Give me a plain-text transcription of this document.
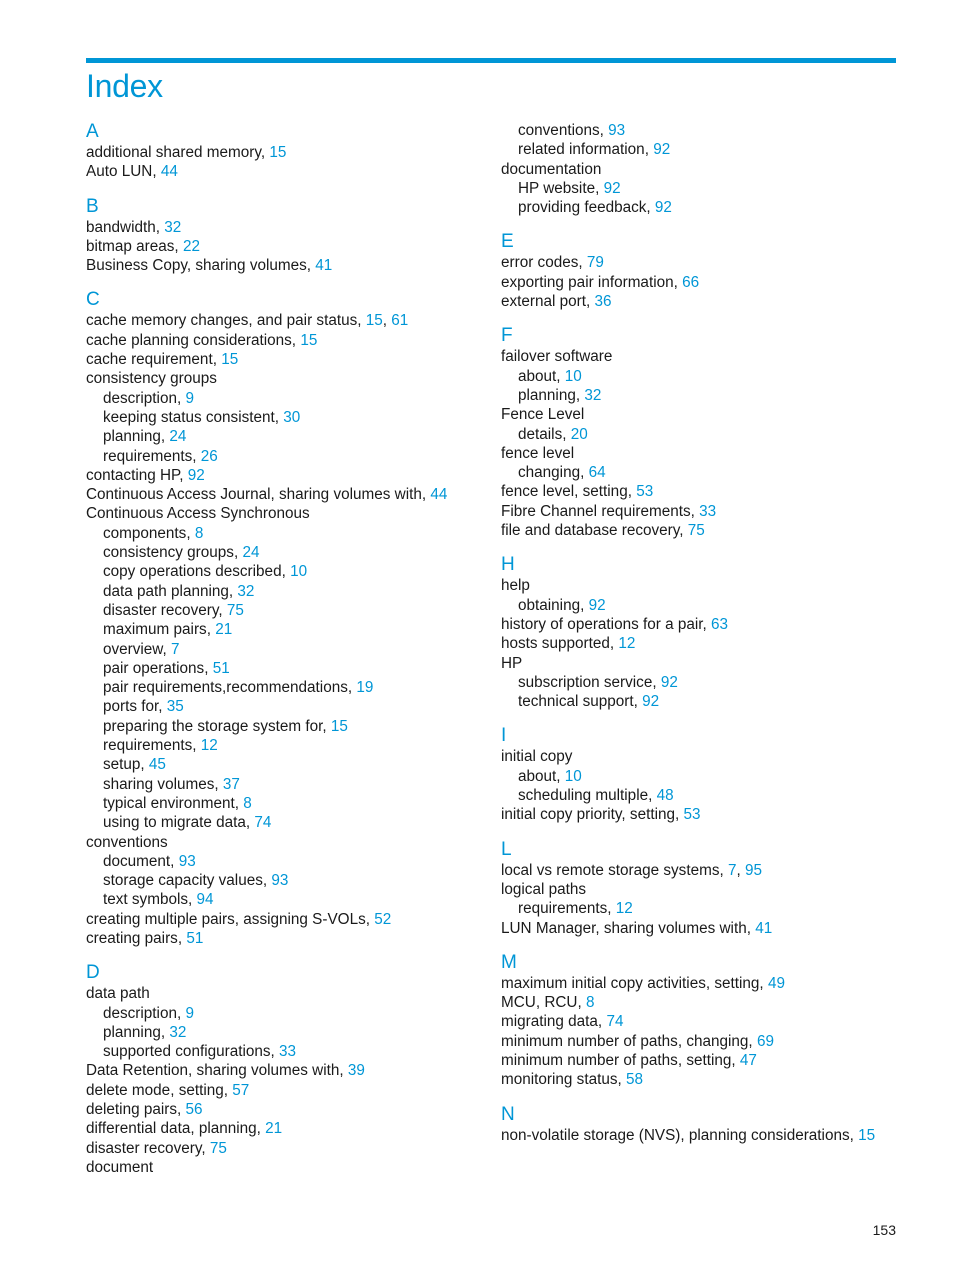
Index
A
additional shared memory, 15
Auto LUN, 44
B
bandwidth, 32
bitmap areas, 22
Business Copy, sharing volumes, 41
C
cache memory changes, and pair status, 15, 61
cache planning considerations, 15
cache requirement, 15
consistency groups
description, 9
keeping status consistent, 30
planning, 24
requirements, 26
contacting HP, 92
Continuous Access Journal, sharing volumes with, 44
Continuous Access Synchronous
components, 8
consistency groups, 24
copy operations described, 10
data path planning, 32
disaster recovery, 75
maximum pairs, 21
overview, 7
pair operations, 51
pair requirements,recommendations, 19
ports for, 35
preparing the storage system for, 15
requirements, 12
setup, 45
sharing volumes, 37
typical environment, 8
using to migrate data, 74
conventions
document, 93
storage capacity values, 93
text symbols, 94
creating multiple pairs, assigning S-VOLs, 52
creating pairs, 51
D
data path
description, 9
planning, 32
supported configurations, 33
Data Retention, sharing volumes with, 39
delete mode, setting, 57
deleting pairs, 56
differential data, planning, 21
disaster recovery, 75
document
conventions, 93
related information, 92
documentation
HP website, 92
providing feedback, 92
E
error codes, 79
exporting pair information, 66
external port, 36
F
failover software
about, 10
planning, 32
Fence Level
details, 20
fence level
changing, 64
fence level, setting, 53
Fibre Channel requirements, 33
file and database recovery, 75
H
help
obtaining, 92
history of operations for a pair, 63
hosts supported, 12
HP
subscription service, 92
technical support, 92
I
initial copy
about, 10
scheduling multiple, 48
initial copy priority, setting, 53
L
local vs remote storage systems, 7, 95
logical paths
requirements, 12
LUN Manager, sharing volumes with, 41
M
maximum initial copy activities, setting, 49
MCU, RCU, 8
migrating data, 74
minimum number of paths, changing, 69
minimum number of paths, setting, 47
monitoring status, 58
N
non-volatile storage (NVS), planning considerations, 15
153
